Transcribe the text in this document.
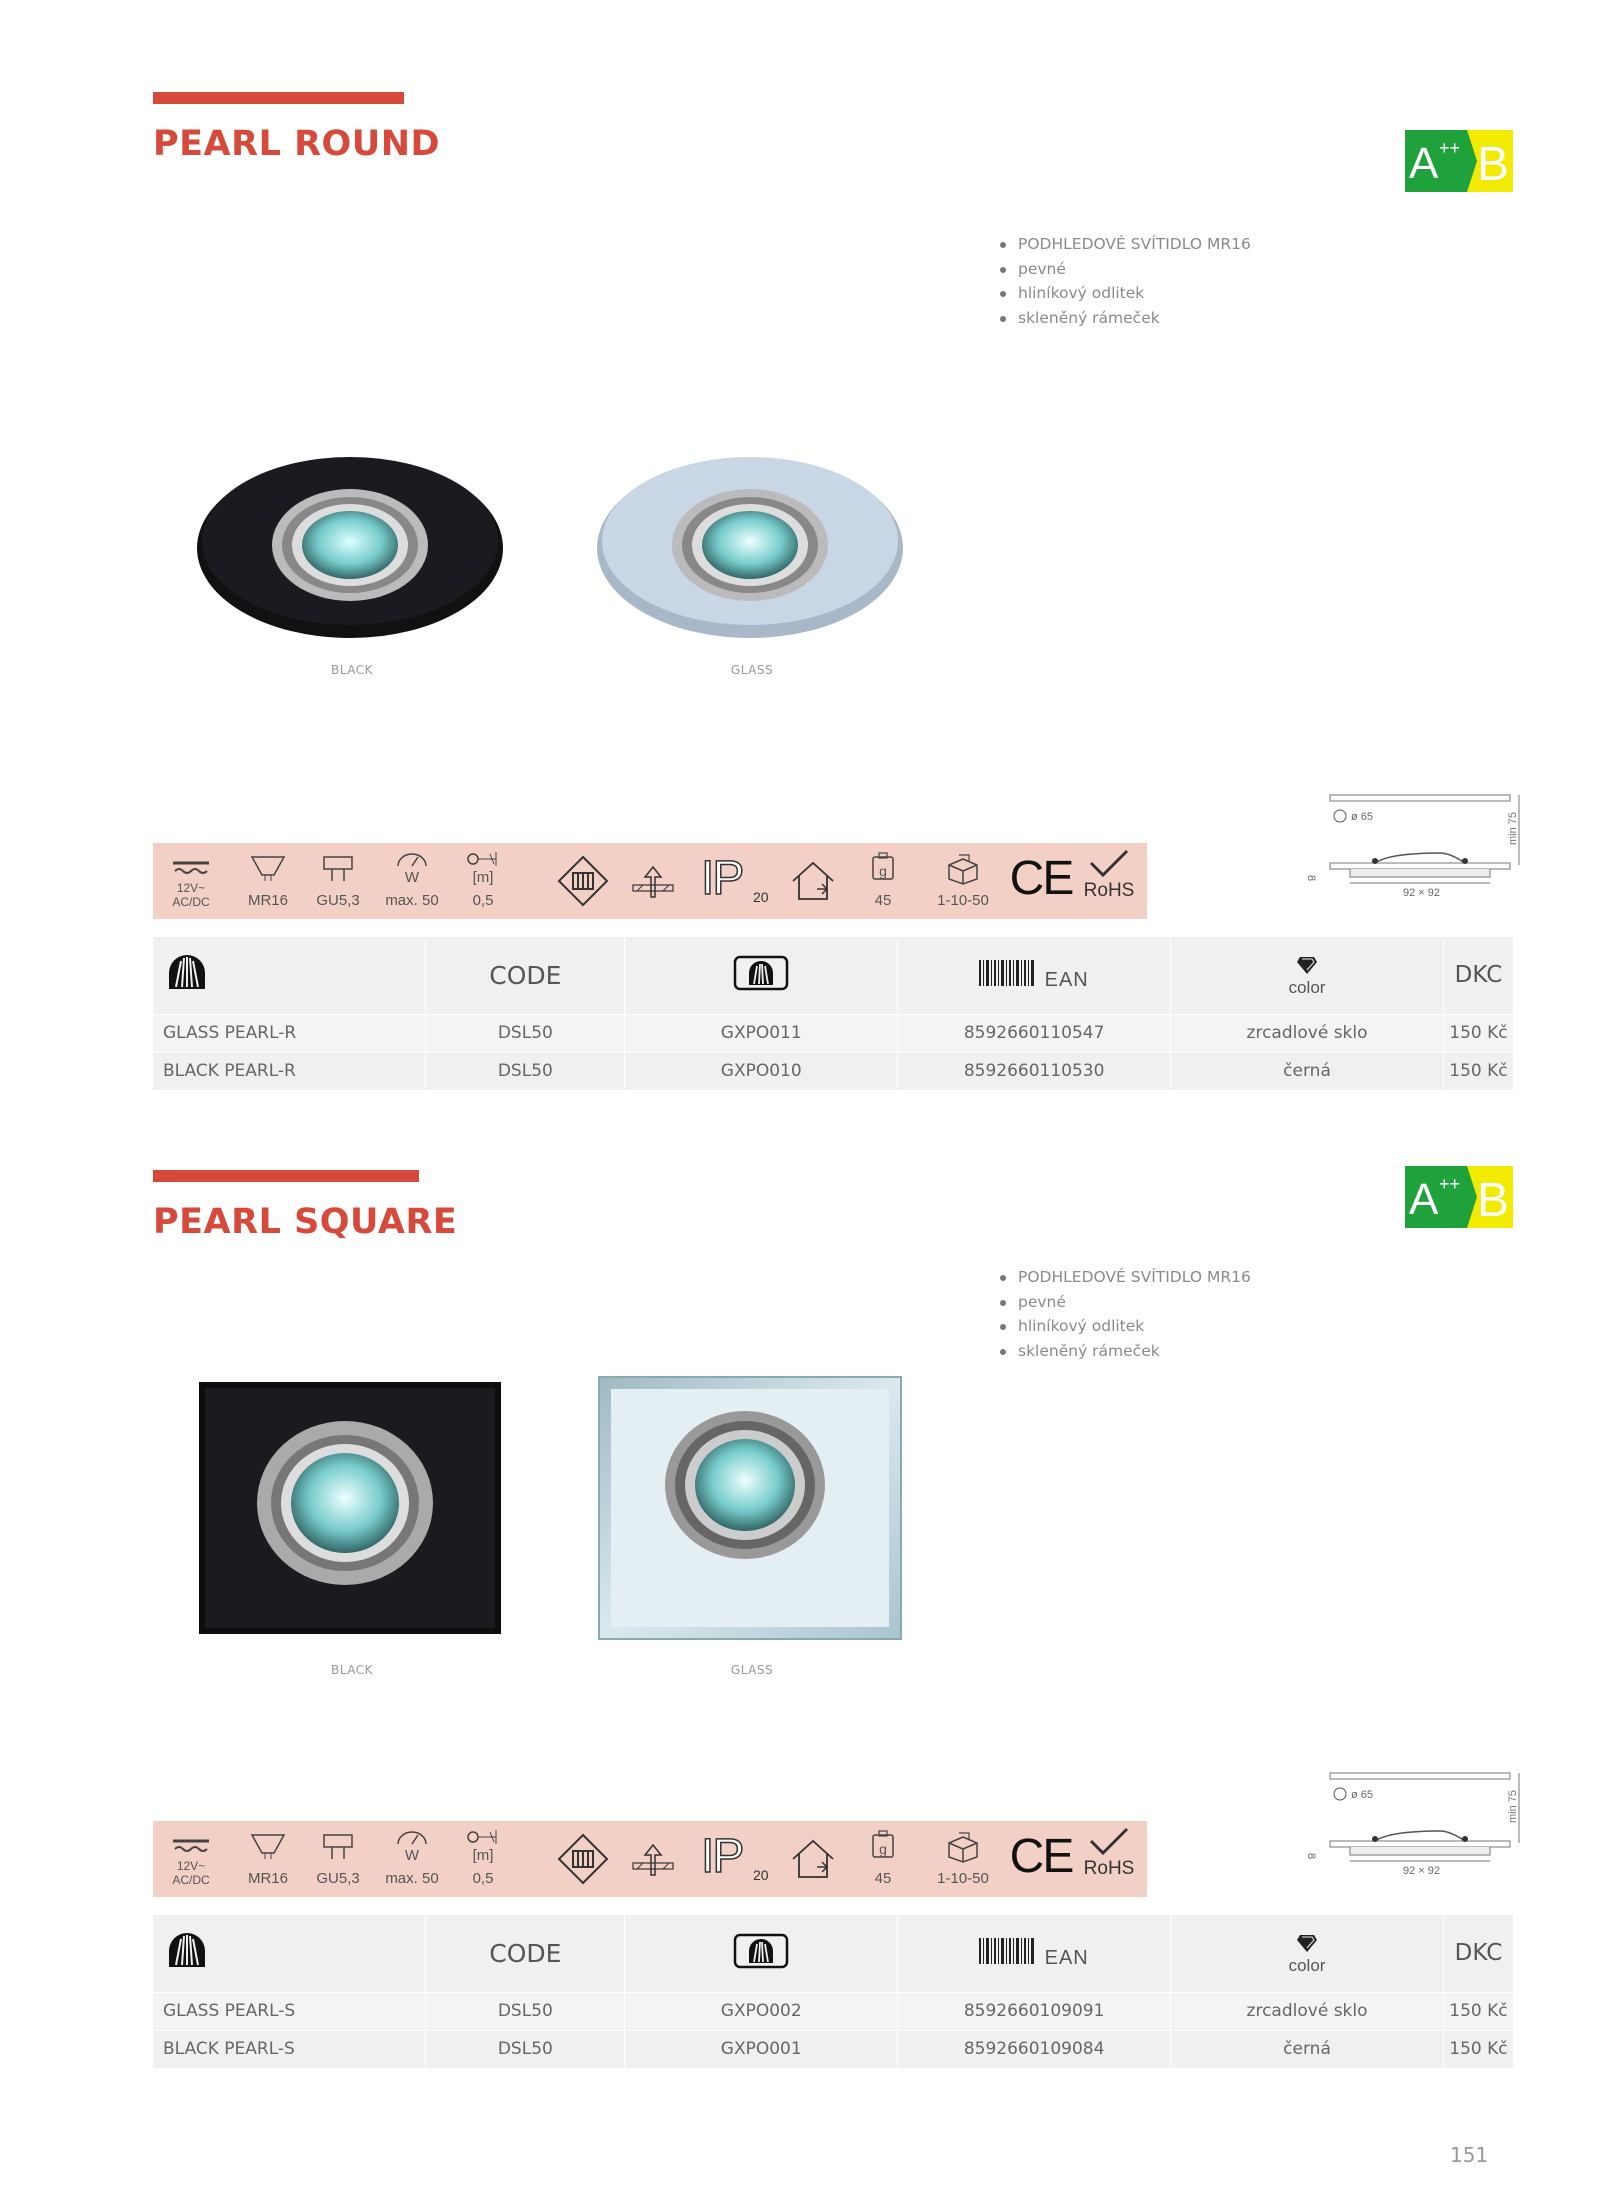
PEARL ROUND	A ++ B
PODHLEDOVÉ SVÍTIDLO MR16
pevné
hliníkový odlitek
skleněný rámeček
BLACK	GLASS
min 75
ø 65
92 × 92
8
12V~
AC/DC	MR16	GU5,3
W
max. 50
[m]
0,5	IP 20
g
45	1-10-50 CE RoHS
	CODE		EAN	color	DKC
GLASS PEARL-R	DSL50	GXPO011	8592660110547	zrcadlové sklo	150 Kč
BLACK PEARL-R	DSL50	GXPO010	8592660110530	černá	150 Kč
PEARL SQUARE	A ++ B
PODHLEDOVÉ SVÍTIDLO MR16
pevné
hliníkový odlitek
skleněný rámeček
BLACK	GLASS
min 75
ø 65
92 × 92
8
12V~
AC/DC	MR16	GU5,3
W
max. 50
[m]
0,5	IP 20
g
45	1-10-50 CE RoHS
	CODE		EAN	color	DKC
GLASS PEARL-S	DSL50	GXPO002	8592660109091	zrcadlové sklo	150 Kč
BLACK PEARL-S	DSL50	GXPO001	8592660109084	černá	150 Kč
151
